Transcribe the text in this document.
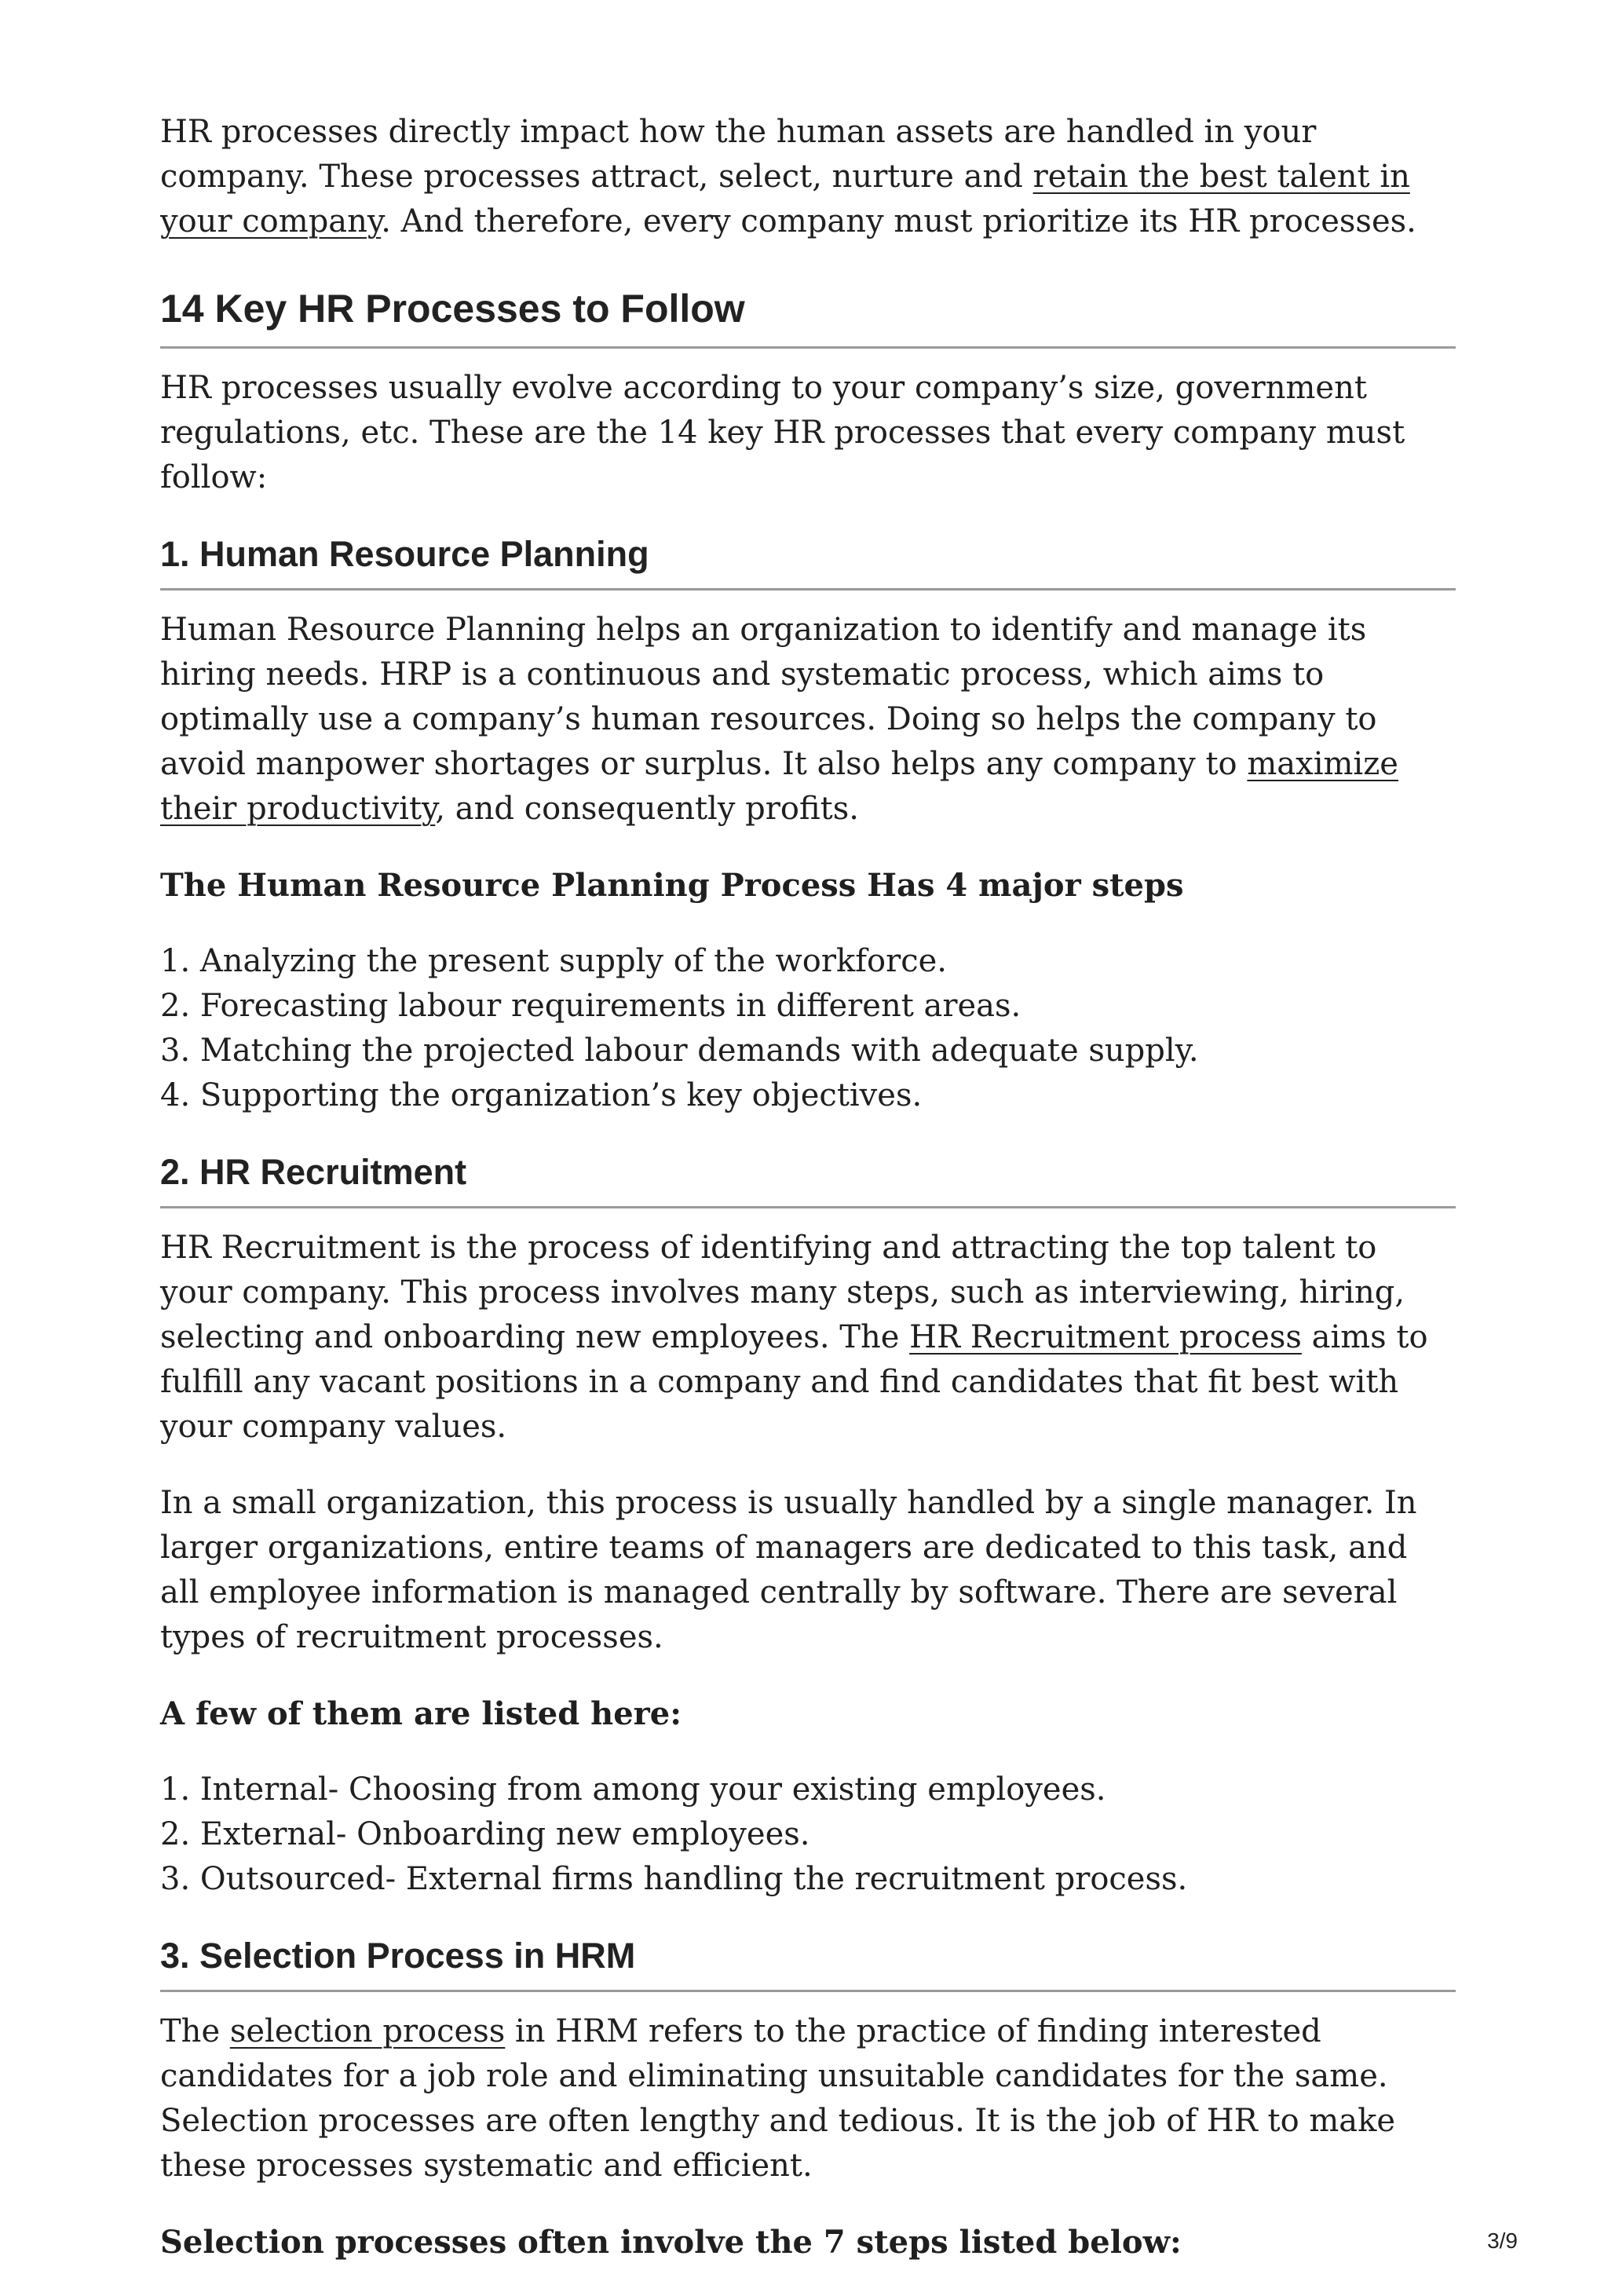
HR processes directly impact how the human assets are handled in your company. These processes attract, select, nurture and retain the best talent in your company. And therefore, every company must prioritize its HR processes.

14 Key HR Processes to Follow

HR processes usually evolve according to your company’s size, government regulations, etc. These are the 14 key HR processes that every company must follow:

1. Human Resource Planning

Human Resource Planning helps an organization to identify and manage its hiring needs. HRP is a continuous and systematic process, which aims to optimally use a company’s human resources. Doing so helps the company to avoid manpower shortages or surplus. It also helps any company to maximize their productivity, and consequently profits.

The Human Resource Planning Process Has 4 major steps

1. Analyzing the present supply of the workforce.
2. Forecasting labour requirements in different areas.
3. Matching the projected labour demands with adequate supply.
4. Supporting the organization’s key objectives.
2. HR Recruitment

HR Recruitment is the process of identifying and attracting the top talent to your company. This process involves many steps, such as interviewing, hiring, selecting and onboarding new employees. The HR Recruitment process aims to fulfill any vacant positions in a company and find candidates that fit best with your company values.

In a small organization, this process is usually handled by a single manager. In larger organizations, entire teams of managers are dedicated to this task, and all employee information is managed centrally by software. There are several types of recruitment processes.

A few of them are listed here:

1. Internal- Choosing from among your existing employees.
2. External- Onboarding new employees.
3. Outsourced- External firms handling the recruitment process.
3. Selection Process in HRM

The selection process in HRM refers to the practice of finding interested candidates for a job role and eliminating unsuitable candidates for the same. Selection processes are often lengthy and tedious. It is the job of HR to make these processes systematic and efficient.

Selection processes often involve the 7 steps listed below:	3/9
